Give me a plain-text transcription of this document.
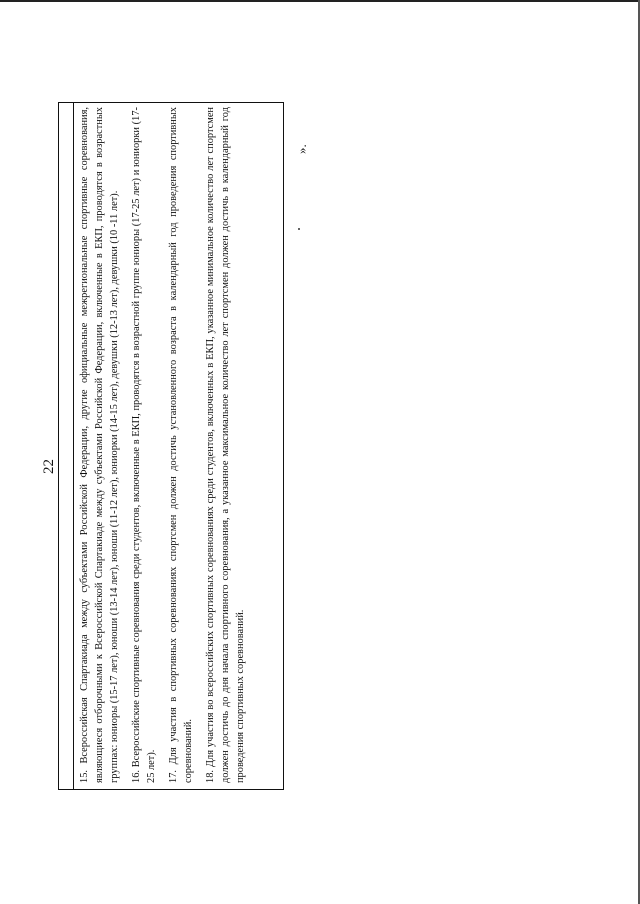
15. Всероссийская Спартакиада между субъектами Российской Федерации, другие официальные межрегиональные спортивные соревнования, являющиеся отборочными к Всероссийской Спартакиаде между субъектами Российской Федерации, включенные в ЕКП, проводятся в возрастных группах: юниоры (15-17 лет), юноши (13-14 лет), юноши (11-12 лет), юниорки (14-15 лет), девушки (12-13 лет), девушки (10 -11 лет). 16. Всероссийские спортивные соревнования среди студентов, включенные в ЕКП, проводятся в возрастной группе юниоры (17-25 лет) и юниорки (17-25 лет). 17. Для участия в спортивных соревнованиях спортсмен должен достичь установленного возраста в календарный год проведения спортивных соревнований. 18. Для участия во всероссийских спортивных соревнованиях среди студентов, включенных в ЕКП, указанное минимальное количество лет спортсмен должен достичь до дня начала спортивного соревнования, а указанное максимальное количество лет спортсмен должен достичь в календарный год проведения спортивных соревнований.

».
22
